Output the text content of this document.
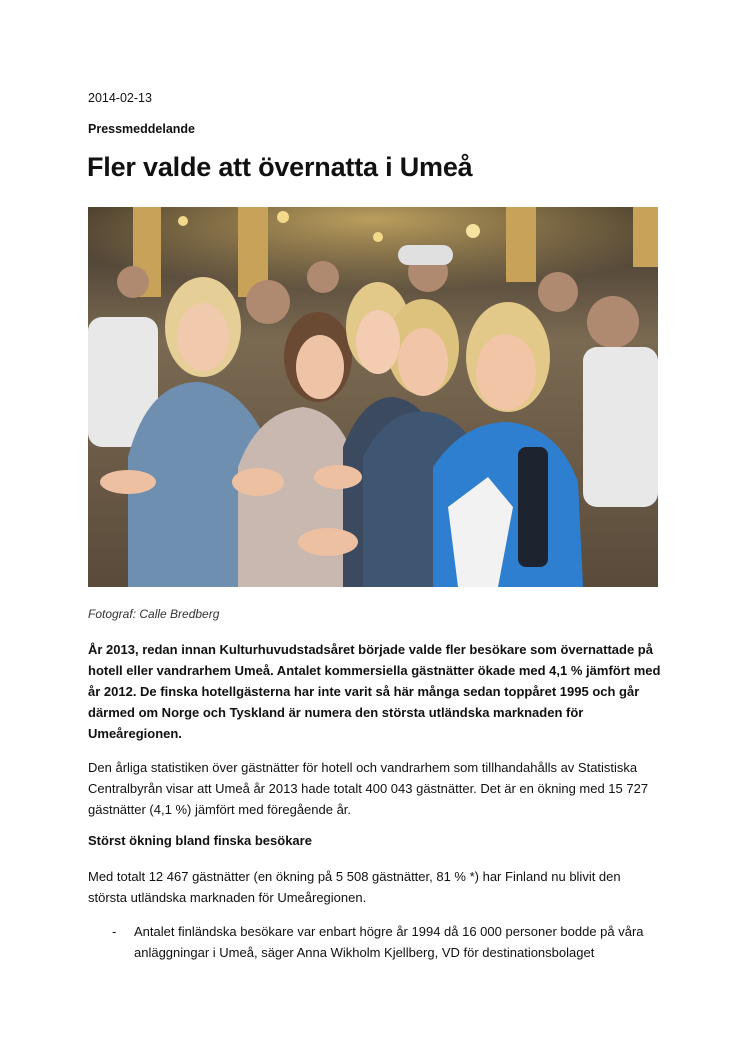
2014-02-13
Pressmeddelande
Fler valde att övernatta i Umeå
Fotograf: Calle Bredberg

År 2013, redan innan Kulturhuvudstadsåret började valde fler besökare som övernattade på hotell eller vandrarhem Umeå. Antalet kommersiella gästnätter ökade med 4,1 % jämfört med år 2012. De finska hotellgästerna har inte varit så här många sedan toppåret 1995 och går därmed om Norge och Tyskland är numera den största utländska marknaden för Umeåregionen.

Den årliga statistiken över gästnätter för hotell och vandrarhem som tillhandahålls av Statistiska Centralbyrån visar att Umeå år 2013 hade totalt 400 043 gästnätter. Det är en ökning med 15 727 gästnätter (4,1 %) jämfört med föregående år.

Störst ökning bland finska besökare

Med totalt 12 467 gästnätter (en ökning på 5 508 gästnätter, 81 % *) har Finland nu blivit den största utländska marknaden för Umeåregionen.

- Antalet finländska besökare var enbart högre år 1994 då 16 000 personer bodde på våra anläggningar i Umeå, säger Anna Wikholm Kjellberg, VD för destinationsbolaget
